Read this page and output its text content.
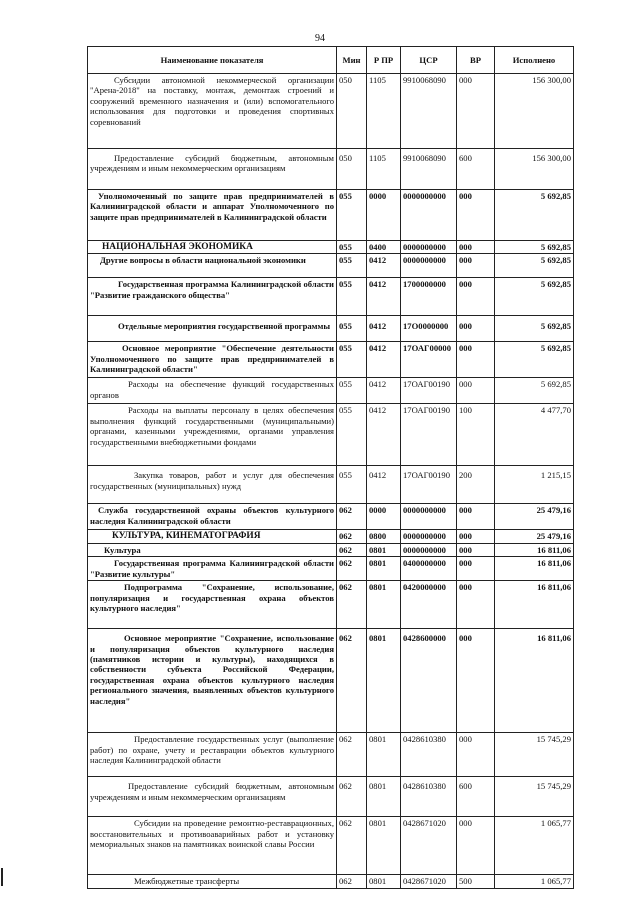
94
Наименование показателя	Мин	Р ПР	ЦСР	ВР	Исполнено

Субсидии автономной некоммерческой организации "Арена-2018" на поставку, монтаж, демонтаж строений и сооружений временного назначения и (или) вспомогательного использования для подготовки и проведения спортивных соревнований	050	1105	9910068090	000	156 300,00

Предоставление субсидий бюджетным, автономным учреждениям и иным некоммерческим организациям	050	1105	9910068090	600	156 300,00

Уполномоченный по защите прав предпринимателей в Калининградской области и аппарат Уполномоченного по защите прав предпринимателей в Калининградской области	055	0000	0000000000	000	5 692,85

НАЦИОНАЛЬНАЯ ЭКОНОМИКА	055	0400	0000000000	000	5 692,85

Другие вопросы в области национальной экономики	055	0412	0000000000	000	5 692,85

Государственная программа Калининградской области "Развитие гражданского общества"	055	0412	1700000000	000	5 692,85

Отдельные мероприятия государственной программы	055	0412	17О0000000	000	5 692,85

Основное мероприятие "Обеспечение деятельности Уполномоченного по защите прав предпринимателей в Калининградской области"	055	0412	17ОАГ00000	000	5 692,85

Расходы на обеспечение функций государственных органов	055	0412	17ОАГ00190	000	5 692,85

Расходы на выплаты персоналу в целях обеспечения выполнения функций государственными (муниципальными) органами, казенными учреждениями, органами управления государственными внебюджетными фондами	055	0412	17ОАГ00190	100	4 477,70

Закупка товаров, работ и услуг для обеспечения государственных (муниципальных) нужд	055	0412	17ОАГ00190	200	1 215,15

Служба государственной охраны объектов культурного наследия Калининградской области	062	0000	0000000000	000	25 479,16

КУЛЬТУРА, КИНЕМАТОГРАФИЯ	062	0800	0000000000	000	25 479,16

Культура	062	0801	0000000000	000	16 811,06

Государственная программа Калининградской области "Развитие культуры"	062	0801	0400000000	000	16 811,06

Подпрограмма "Сохранение, использование, популяризация и государственная охрана объектов культурного наследия"	062	0801	0420000000	000	16 811,06

Основное мероприятие "Сохранение, использование и популяризация объектов культурного наследия (памятников истории и культуры), находящихся в собственности субъекта Российской Федерации, государственная охрана объектов культурного наследия регионального значения, выявленных объектов культурного наследия"	062	0801	0428600000	000	16 811,06

Предоставление государственных услуг (выполнение работ) по охране, учету и реставрации объектов культурного наследия Калининградской области	062	0801	0428610380	000	15 745,29

Предоставление субсидий бюджетным, автономным учреждениям и иным некоммерческим организациям	062	0801	0428610380	600	15 745,29

Субсидии на проведение ремонтно-реставрационных, восстановительных и противоаварийных работ и установку мемориальных знаков на памятниках воинской славы России	062	0801	0428671020	000	1 065,77

Межбюджетные трансферты	062	0801	0428671020	500	1 065,77
